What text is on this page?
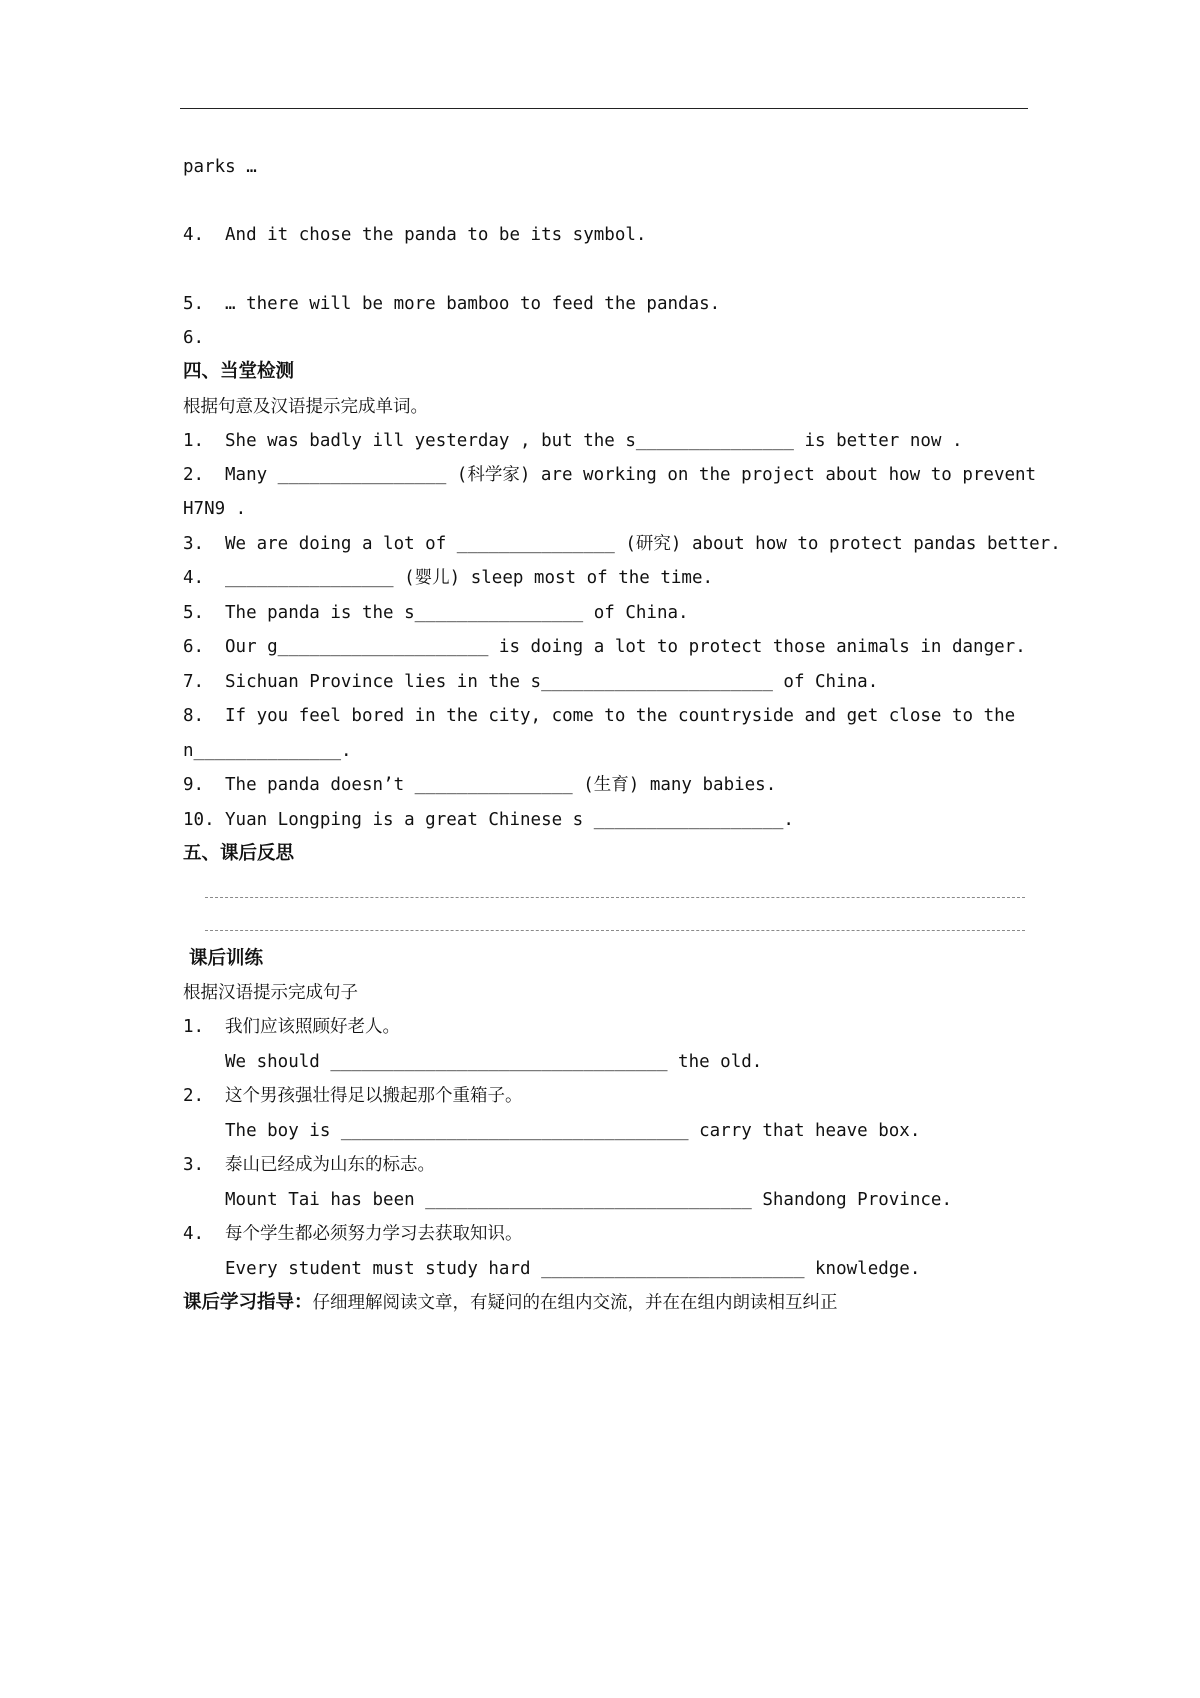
parks …
4. And it chose the panda to be its symbol.
5. … there will be more bamboo to feed the pandas.
6.
四、当堂检测
根据句意及汉语提示完成单词。
1. She was badly ill yesterday , but the s_______________ is better now .
2. Many ________________ (科学家) are working on the project about how to prevent
H7N9 .
3. We are doing a lot of _______________ (研究) about how to protect pandas better.
4. ________________ (婴儿) sleep most of the time.
5. The panda is the s________________ of China.
6. Our g____________________ is doing a lot to protect those animals in danger.
7. Sichuan Province lies in the s______________________ of China.
8. If you feel bored in the city, come to the countryside and get close to the
n______________.
9. The panda doesn’t _______________ (生育) many babies.
10. Yuan Longping is a great Chinese s __________________.
五、课后反思
课后训练
根据汉语提示完成句子
1. 我们应该照顾好老人。
We should ________________________________ the old.
2. 这个男孩强壮得足以搬起那个重箱子。
The boy is _________________________________ carry that heave box.
3. 泰山已经成为山东的标志。
Mount Tai has been _______________________________ Shandong Province.
4. 每个学生都必须努力学习去获取知识。
Every student must study hard _________________________ knowledge.
课后学习指导：仔细理解阅读文章，有疑问的在组内交流，并在在组内朗读相互纠正
